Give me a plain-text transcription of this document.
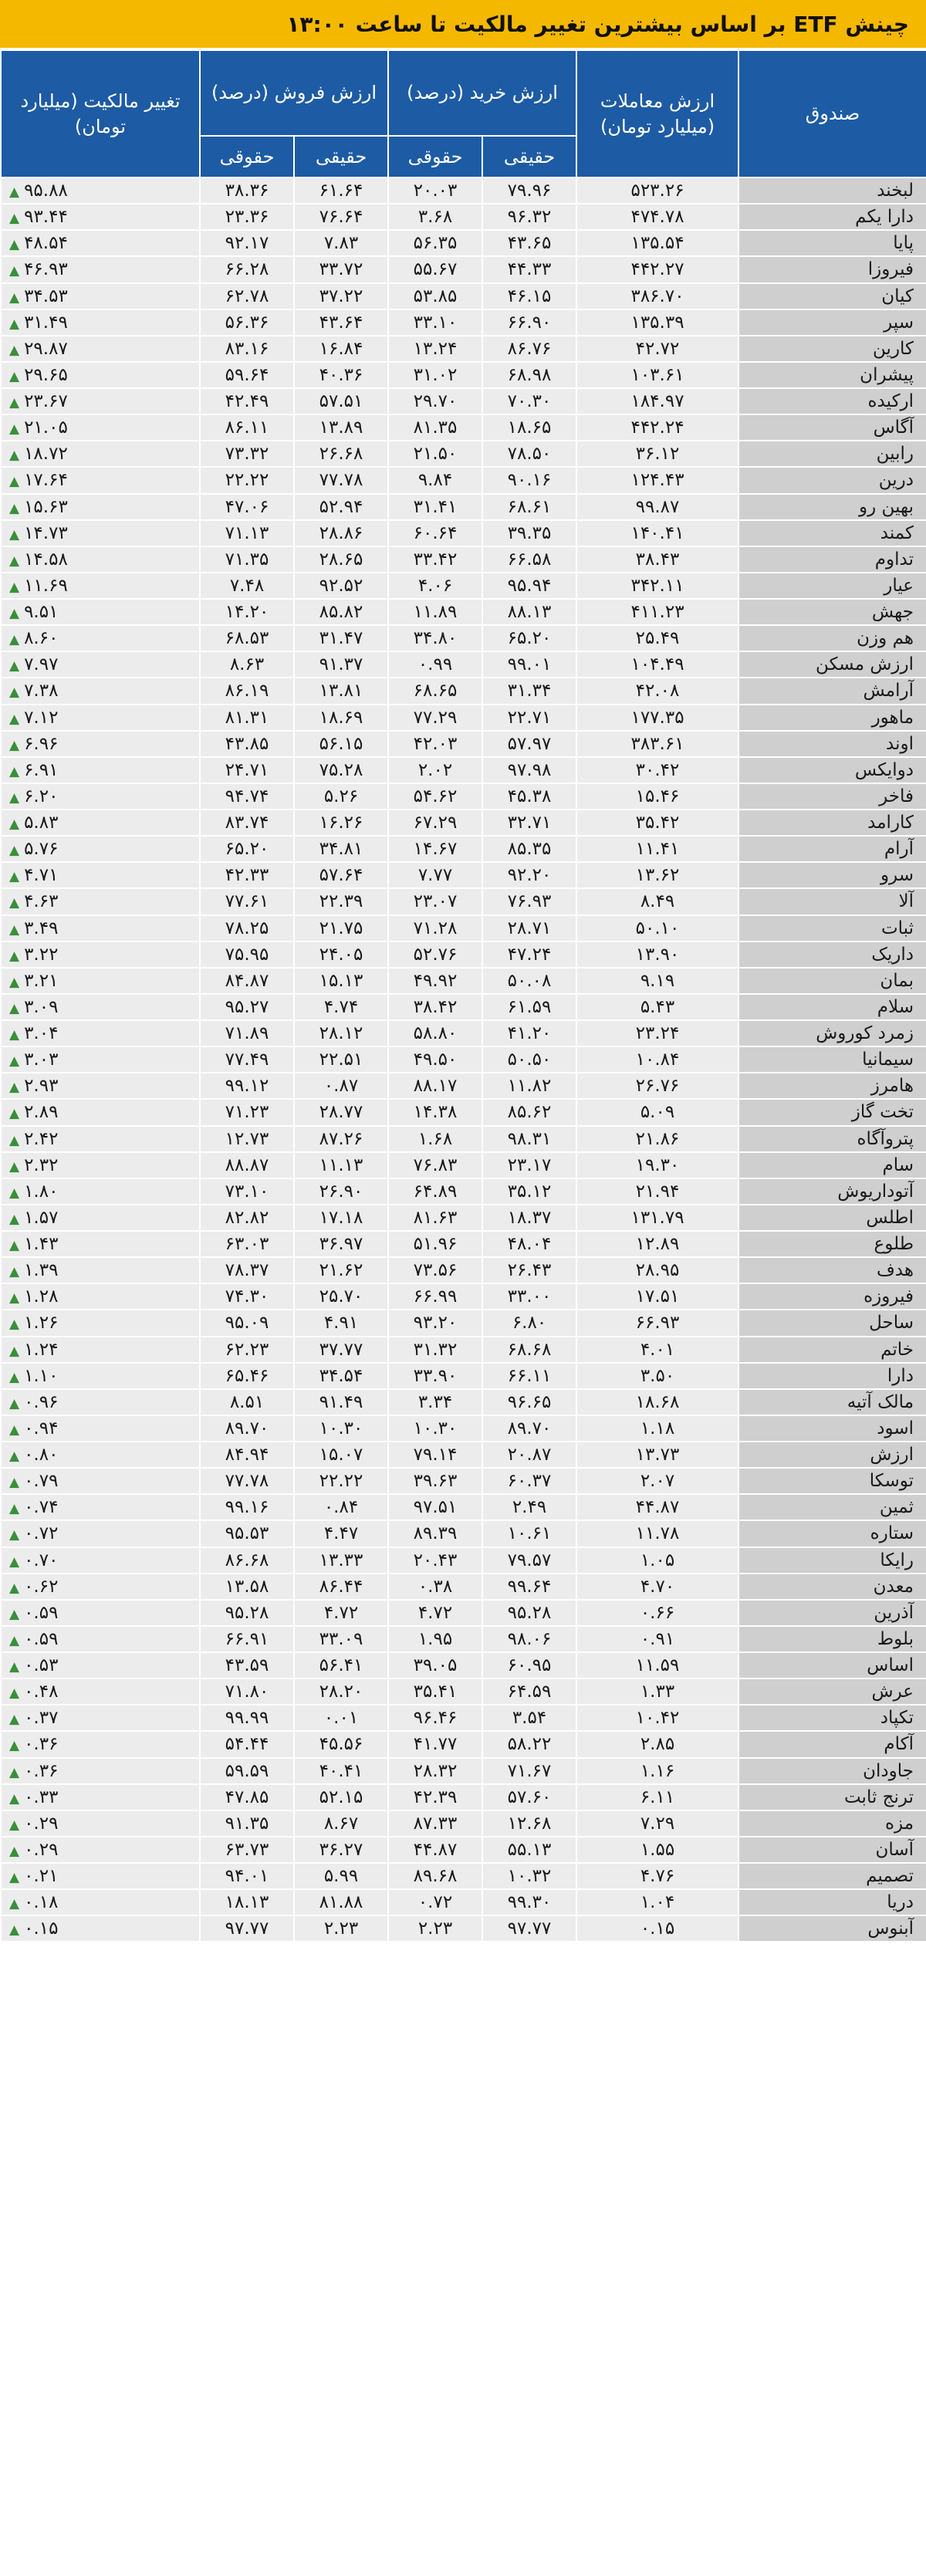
چینش ETF بر اساس بیشترین تغییر مالکیت تا ساعت ۱۳:۰۰
صندوق	ارزش معاملات (میلیارد تومان)	ارزش خرید (درصد)		ارزش فروش (درصد)		تغییر مالکیت (میلیارد تومان)
		حقیقی	حقوقی	حقیقی	حقوقی	
لبخند	۵۲۳.۲۶	۷۹.۹۶	۲۰.۰۳	۶۱.۶۴	۳۸.۳۶	▲ ۹۵.۸۸
دارا یکم	۴۷۴.۷۸	۹۶.۳۲	۳.۶۸	۷۶.۶۴	۲۳.۳۶	▲ ۹۳.۴۴
پایا	۱۳۵.۵۴	۴۳.۶۵	۵۶.۳۵	۷.۸۳	۹۲.۱۷	▲ ۴۸.۵۴
فیروزا	۴۴۲.۲۷	۴۴.۳۳	۵۵.۶۷	۳۳.۷۲	۶۶.۲۸	▲ ۴۶.۹۳
کیان	۳۸۶.۷۰	۴۶.۱۵	۵۳.۸۵	۳۷.۲۲	۶۲.۷۸	▲ ۳۴.۵۳
سپر	۱۳۵.۳۹	۶۶.۹۰	۳۳.۱۰	۴۳.۶۴	۵۶.۳۶	▲ ۳۱.۴۹
کارین	۴۲.۷۲	۸۶.۷۶	۱۳.۲۴	۱۶.۸۴	۸۳.۱۶	▲ ۲۹.۸۷
پیشران	۱۰۳.۶۱	۶۸.۹۸	۳۱.۰۲	۴۰.۳۶	۵۹.۶۴	▲ ۲۹.۶۵
ارکیده	۱۸۴.۹۷	۷۰.۳۰	۲۹.۷۰	۵۷.۵۱	۴۲.۴۹	▲ ۲۳.۶۷
آگاس	۴۴۲.۲۴	۱۸.۶۵	۸۱.۳۵	۱۳.۸۹	۸۶.۱۱	▲ ۲۱.۰۵
رابین	۳۶.۱۲	۷۸.۵۰	۲۱.۵۰	۲۶.۶۸	۷۳.۳۲	▲ ۱۸.۷۲
درین	۱۲۴.۴۳	۹۰.۱۶	۹.۸۴	۷۷.۷۸	۲۲.۲۲	▲ ۱۷.۶۴
بهین رو	۹۹.۸۷	۶۸.۶۱	۳۱.۴۱	۵۲.۹۴	۴۷.۰۶	▲ ۱۵.۶۳
کمند	۱۴۰.۴۱	۳۹.۳۵	۶۰.۶۴	۲۸.۸۶	۷۱.۱۳	▲ ۱۴.۷۳
تداوم	۳۸.۴۳	۶۶.۵۸	۳۳.۴۲	۲۸.۶۵	۷۱.۳۵	▲ ۱۴.۵۸
عیار	۳۴۲.۱۱	۹۵.۹۴	۴.۰۶	۹۲.۵۲	۷.۴۸	▲ ۱۱.۶۹
جهش	۴۱۱.۲۳	۸۸.۱۳	۱۱.۸۹	۸۵.۸۲	۱۴.۲۰	▲ ۹.۵۱
هم وزن	۲۵.۴۹	۶۵.۲۰	۳۴.۸۰	۳۱.۴۷	۶۸.۵۳	▲ ۸.۶۰
ارزش مسکن	۱۰۴.۴۹	۹۹.۰۱	۰.۹۹	۹۱.۳۷	۸.۶۳	▲ ۷.۹۷
آرامش	۴۲.۰۸	۳۱.۳۴	۶۸.۶۵	۱۳.۸۱	۸۶.۱۹	▲ ۷.۳۸
ماهور	۱۷۷.۳۵	۲۲.۷۱	۷۷.۲۹	۱۸.۶۹	۸۱.۳۱	▲ ۷.۱۲
اوند	۳۸۳.۶۱	۵۷.۹۷	۴۲.۰۳	۵۶.۱۵	۴۳.۸۵	▲ ۶.۹۶
دوایکس	۳۰.۴۲	۹۷.۹۸	۲.۰۲	۷۵.۲۸	۲۴.۷۱	▲ ۶.۹۱
فاخر	۱۵.۴۶	۴۵.۳۸	۵۴.۶۲	۵.۲۶	۹۴.۷۴	▲ ۶.۲۰
کارامد	۳۵.۴۲	۳۲.۷۱	۶۷.۲۹	۱۶.۲۶	۸۳.۷۴	▲ ۵.۸۳
آرام	۱۱.۴۱	۸۵.۳۵	۱۴.۶۷	۳۴.۸۱	۶۵.۲۰	▲ ۵.۷۶
سرو	۱۳.۶۲	۹۲.۲۰	۷.۷۷	۵۷.۶۴	۴۲.۳۳	▲ ۴.۷۱
آلا	۸.۴۹	۷۶.۹۳	۲۳.۰۷	۲۲.۳۹	۷۷.۶۱	▲ ۴.۶۳
ثبات	۵۰.۱۰	۲۸.۷۱	۷۱.۲۸	۲۱.۷۵	۷۸.۲۵	▲ ۳.۴۹
داریک	۱۳.۹۰	۴۷.۲۴	۵۲.۷۶	۲۴.۰۵	۷۵.۹۵	▲ ۳.۲۲
بمان	۹.۱۹	۵۰.۰۸	۴۹.۹۲	۱۵.۱۳	۸۴.۸۷	▲ ۳.۲۱
سلام	۵.۴۳	۶۱.۵۹	۳۸.۴۲	۴.۷۴	۹۵.۲۷	▲ ۳.۰۹
زمرد کوروش	۲۳.۲۴	۴۱.۲۰	۵۸.۸۰	۲۸.۱۲	۷۱.۸۹	▲ ۳.۰۴
سیمانیا	۱۰.۸۴	۵۰.۵۰	۴۹.۵۰	۲۲.۵۱	۷۷.۴۹	▲ ۳.۰۳
هامرز	۲۶.۷۶	۱۱.۸۲	۸۸.۱۷	۰.۸۷	۹۹.۱۲	▲ ۲.۹۳
تخت گاز	۵.۰۹	۸۵.۶۲	۱۴.۳۸	۲۸.۷۷	۷۱.۲۳	▲ ۲.۸۹
پتروآگاه	۲۱.۸۶	۹۸.۳۱	۱.۶۸	۸۷.۲۶	۱۲.۷۳	▲ ۲.۴۲
سام	۱۹.۳۰	۲۳.۱۷	۷۶.۸۳	۱۱.۱۳	۸۸.۸۷	▲ ۲.۳۲
آتوداریوش	۲۱.۹۴	۳۵.۱۲	۶۴.۸۹	۲۶.۹۰	۷۳.۱۰	▲ ۱.۸۰
اطلس	۱۳۱.۷۹	۱۸.۳۷	۸۱.۶۳	۱۷.۱۸	۸۲.۸۲	▲ ۱.۵۷
طلوع	۱۲.۸۹	۴۸.۰۴	۵۱.۹۶	۳۶.۹۷	۶۳.۰۳	▲ ۱.۴۳
هدف	۲۸.۹۵	۲۶.۴۳	۷۳.۵۶	۲۱.۶۲	۷۸.۳۷	▲ ۱.۳۹
فیروزه	۱۷.۵۱	۳۳.۰۰	۶۶.۹۹	۲۵.۷۰	۷۴.۳۰	▲ ۱.۲۸
ساحل	۶۶.۹۳	۶.۸۰	۹۳.۲۰	۴.۹۱	۹۵.۰۹	▲ ۱.۲۶
خاتم	۴.۰۱	۶۸.۶۸	۳۱.۳۲	۳۷.۷۷	۶۲.۲۳	▲ ۱.۲۴
دارا	۳.۵۰	۶۶.۱۱	۳۳.۹۰	۳۴.۵۴	۶۵.۴۶	▲ ۱.۱۰
مالک آتیه	۱۸.۶۸	۹۶.۶۵	۳.۳۴	۹۱.۴۹	۸.۵۱	▲ ۰.۹۶
اسود	۱.۱۸	۸۹.۷۰	۱۰.۳۰	۱۰.۳۰	۸۹.۷۰	▲ ۰.۹۴
ارزش	۱۳.۷۳	۲۰.۸۷	۷۹.۱۴	۱۵.۰۷	۸۴.۹۴	▲ ۰.۸۰
توسکا	۲.۰۷	۶۰.۳۷	۳۹.۶۳	۲۲.۲۲	۷۷.۷۸	▲ ۰.۷۹
ثمین	۴۴.۸۷	۲.۴۹	۹۷.۵۱	۰.۸۴	۹۹.۱۶	▲ ۰.۷۴
ستاره	۱۱.۷۸	۱۰.۶۱	۸۹.۳۹	۴.۴۷	۹۵.۵۳	▲ ۰.۷۲
رایکا	۱.۰۵	۷۹.۵۷	۲۰.۴۳	۱۳.۳۳	۸۶.۶۸	▲ ۰.۷۰
معدن	۴.۷۰	۹۹.۶۴	۰.۳۸	۸۶.۴۴	۱۳.۵۸	▲ ۰.۶۲
آذرین	۰.۶۶	۹۵.۲۸	۴.۷۲	۴.۷۲	۹۵.۲۸	▲ ۰.۵۹
بلوط	۰.۹۱	۹۸.۰۶	۱.۹۵	۳۳.۰۹	۶۶.۹۱	▲ ۰.۵۹
اساس	۱۱.۵۹	۶۰.۹۵	۳۹.۰۵	۵۶.۴۱	۴۳.۵۹	▲ ۰.۵۳
عرش	۱.۳۳	۶۴.۵۹	۳۵.۴۱	۲۸.۲۰	۷۱.۸۰	▲ ۰.۴۸
تکپاد	۱۰.۴۲	۳.۵۴	۹۶.۴۶	۰.۰۱	۹۹.۹۹	▲ ۰.۳۷
آکام	۲.۸۵	۵۸.۲۲	۴۱.۷۷	۴۵.۵۶	۵۴.۴۴	▲ ۰.۳۶
جاودان	۱.۱۶	۷۱.۶۷	۲۸.۳۲	۴۰.۴۱	۵۹.۵۹	▲ ۰.۳۶
ترنج ثابت	۶.۱۱	۵۷.۶۰	۴۲.۳۹	۵۲.۱۵	۴۷.۸۵	▲ ۰.۳۳
مزه	۷.۲۹	۱۲.۶۸	۸۷.۳۳	۸.۶۷	۹۱.۳۵	▲ ۰.۲۹
آسان	۱.۵۵	۵۵.۱۳	۴۴.۸۷	۳۶.۲۷	۶۳.۷۳	▲ ۰.۲۹
تصمیم	۴.۷۶	۱۰.۳۲	۸۹.۶۸	۵.۹۹	۹۴.۰۱	▲ ۰.۲۱
دریا	۱.۰۴	۹۹.۳۰	۰.۷۲	۸۱.۸۸	۱۸.۱۳	▲ ۰.۱۸
آبنوس	۰.۱۵	۹۷.۷۷	۲.۲۳	۲.۲۳	۹۷.۷۷	▲ ۰.۱۵
